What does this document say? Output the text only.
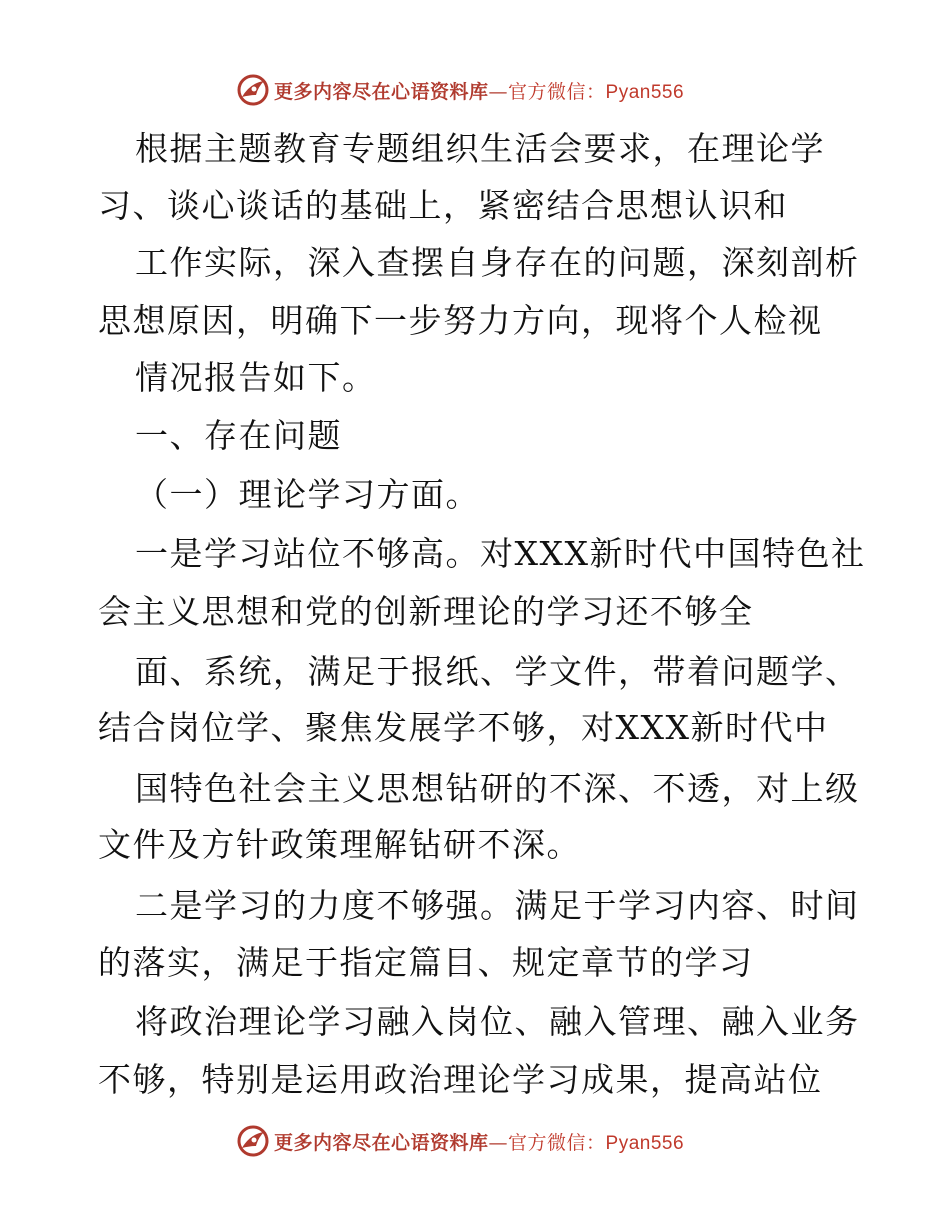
更多内容尽在心语资料库—官方微信：Pyan556
根据主题教育专题组织生活会要求，在理论学
习、谈心谈话的基础上，紧密结合思想认识和
工作实际，深入查摆自身存在的问题，深刻剖析
思想原因，明确下一步努力方向，现将个人检视
情况报告如下。
一、存在问题
（一）理论学习方面。
一是学习站位不够高。对XXX新时代中国特色社
会主义思想和党的创新理论的学习还不够全
面、系统，满足于报纸、学文件，带着问题学、
结合岗位学、聚焦发展学不够，对XXX新时代中
国特色社会主义思想钻研的不深、不透，对上级
文件及方针政策理解钻研不深。
二是学习的力度不够强。满足于学习内容、时间
的落实，满足于指定篇目、规定章节的学习
将政治理论学习融入岗位、融入管理、融入业务
不够，特别是运用政治理论学习成果，提高站位
更多内容尽在心语资料库—官方微信：Pyan556
